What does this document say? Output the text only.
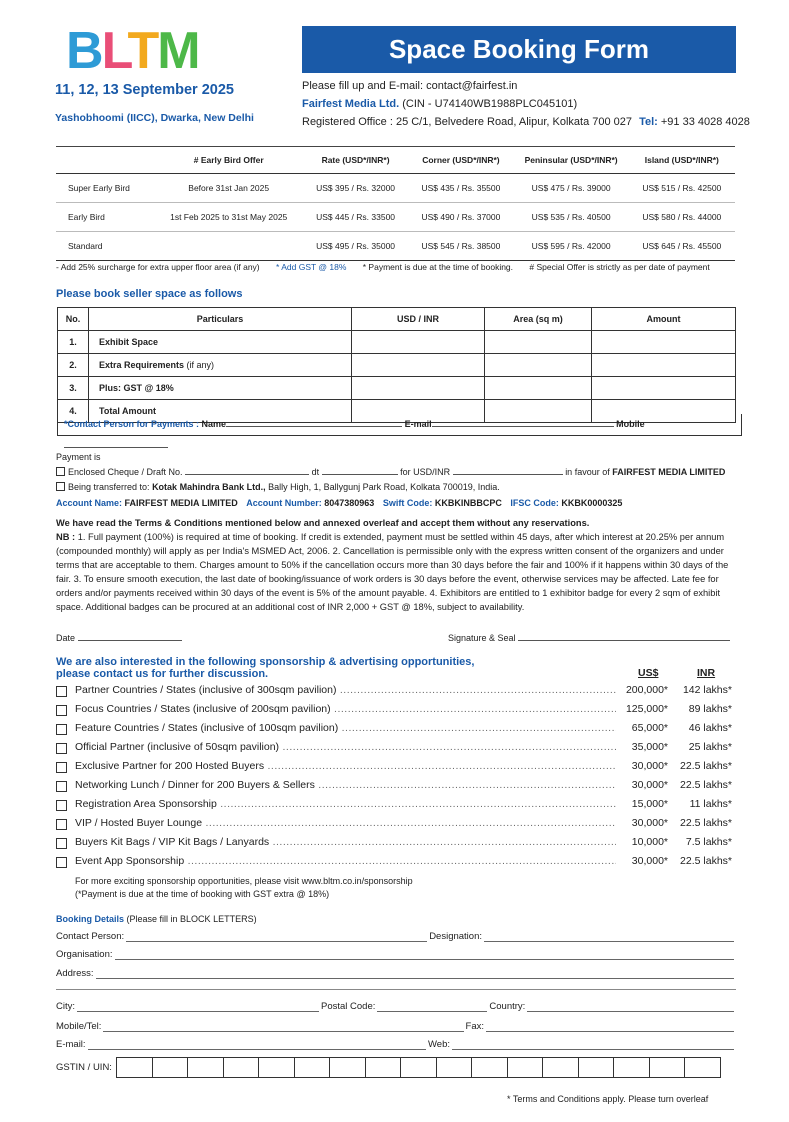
BLTM
11, 12, 13 September 2025
Yashobhoomi (IICC), Dwarka, New Delhi
Space Booking Form
Please fill up and E-mail: contact@fairfest.in
Fairfest Media Ltd. (CIN - U74140WB1988PLC045101)
Registered Office : 25 C/1, Belvedere Road, Alipur, Kolkata 700 027 Tel: +91 33 4028 4028
	# Early Bird Offer	Rate (USD*/INR*)	Corner (USD*/INR*)	Peninsular (USD*/INR*)	Island (USD*/INR*)
Super Early Bird	Before 31st Jan 2025	US$ 395 / Rs. 32000	US$ 435 / Rs. 35500	US$ 475 / Rs. 39000	US$ 515 / Rs. 42500
Early Bird	1st Feb 2025 to 31st May 2025	US$ 445 / Rs. 33500	US$ 490 / Rs. 37000	US$ 535 / Rs. 40500	US$ 580 / Rs. 44000
Standard		US$ 495 / Rs. 35000	US$ 545 / Rs. 38500	US$ 595 / Rs. 42000	US$ 645 / Rs. 45500
- Add 25% surcharge for extra upper floor area (if any) * Add GST @ 18% * Payment is due at the time of booking. # Special Offer is strictly as per date of payment
Please book seller space as follows
No.	Particulars	USD / INR	Area (sq m)	Amount
1.	Exhibit Space			
2.	Extra Requirements (if any)			
3.	Plus: GST @ 18%			
4.	Total Amount			
*Contact Person for Payments : Name	E-mail	Mobile
Payment is
Enclosed Cheque / Draft No.	dt	for USD/INR	in favour of FAIRFEST MEDIA LIMITED
Being transferred to: Kotak Mahindra Bank Ltd., Bally High, 1, Ballygunj Park Road, Kolkata 700019, India.
Account Name: FAIRFEST MEDIA LIMITED Account Number: 8047380963 Swift Code: KKBKINBBCPC IFSC Code: KKBK0000325
We have read the Terms & Conditions mentioned below and annexed overleaf and accept them without any reservations.
NB : 1. Full payment (100%) is required at time of booking. If credit is extended, payment must be settled within 45 days, after which interest at 20.25% per annum (compounded monthly) will apply as per India's MSMED Act, 2006. 2. Cancellation is permissible only with the express written consent of the organizers and under terms that are acceptable to them. Charges amount to 50% if the cancellation occurs more than 30 days before the fair and 100% if it happens within 30 days of the fair. 3. To ensure smooth execution, the last date of booking/issuance of work orders is 30 days before the event, otherwise services may be affected. Late fee for orders and/or payments received within 30 days of the event is 5% of the amount payable. 4. Exhibitors are entitled to 1 exhibitor badge for every 2 sqm of exhibit space. Additional badges can be procured at an additional cost of INR 2,000 + GST @ 18%, subject to availability.
Date	Signature & Seal
We are also interested in the following sponsorship & advertising opportunities,
please contact us for further discussion.	US$	INR
Partner Countries / States (inclusive of 300sqm pavilion) .....	200,000*	142 lakhs*
Focus Countries / States (inclusive of 200sqm pavilion) .....	125,000*	89 lakhs*
Feature Countries / States (inclusive of 100sqm pavilion) .....	65,000*	46 lakhs*
Official Partner (inclusive of 50sqm pavilion) .....	35,000*	25 lakhs*
Exclusive Partner for 200 Hosted Buyers .....	30,000*	22.5 lakhs*
Networking Lunch / Dinner for 200 Buyers & Sellers .....	30,000*	22.5 lakhs*
Registration Area Sponsorship .....	15,000*	11 lakhs*
VIP / Hosted Buyer Lounge .....	30,000*	22.5 lakhs*
Buyers Kit Bags / VIP Kit Bags / Lanyards .....	10,000*	7.5 lakhs*
Event App Sponsorship .....	30,000*	22.5 lakhs*
For more exciting sponsorship opportunities, please visit www.bltm.co.in/sponsorship
(*Payment is due at the time of booking with GST extra @ 18%)
Booking Details (Please fill in BLOCK LETTERS)
Contact Person:	Designation:
Organisation:
Address:
City:	Postal Code:	Country:
Mobile/Tel:	Fax:
E-mail:	Web:
GSTIN / UIN:
* Terms and Conditions apply. Please turn overleaf
